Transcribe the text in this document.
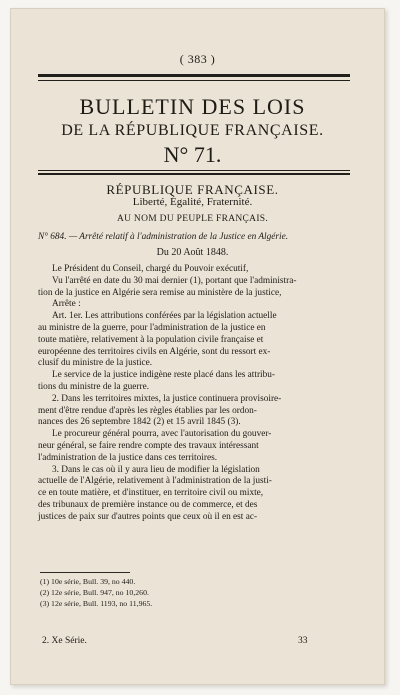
( 383 )
BULLETIN DES LOIS
DE LA RÉPUBLIQUE FRANÇAISE.
N° 71.
RÉPUBLIQUE FRANÇAISE.
Liberté, Égalité, Fraternité.
AU NOM DU PEUPLE FRANÇAIS.
N° 684. — Arrêté relatif à l'administration de la Justice en Algérie.
Du 20 Août 1848.
Le Président du Conseil, chargé du Pouvoir exécutif,
Vu l'arrêté en date du 30 mai dernier (1), portant que l'administra-
tion de la justice en Algérie sera remise au ministère de la justice,
Arrête :
Art. 1er. Les attributions conférées par la législation actuelle
au ministre de la guerre, pour l'administration de la justice en
toute matière, relativement à la population civile française et
européenne des territoires civils en Algérie, sont du ressort ex-
clusif du ministre de la justice.
Le service de la justice indigène reste placé dans les attribu-
tions du ministre de la guerre.
2. Dans les territoires mixtes, la justice continuera provisoire-
ment d'être rendue d'après les règles établies par les ordon-
nances des 26 septembre 1842 (2) et 15 avril 1845 (3).
Le procureur général pourra, avec l'autorisation du gouver-
neur général, se faire rendre compte des travaux intéressant
l'administration de la justice dans ces territoires.
3. Dans le cas où il y aura lieu de modifier la législation
actuelle de l'Algérie, relativement à l'administration de la justi-
ce en toute matière, et d'instituer, en territoire civil ou mixte,
des tribunaux de première instance ou de commerce, et des
justices de paix sur d'autres points que ceux où il en est ac-
(1) 10e série, Bull. 39, no 440.
(2) 12e série, Bull. 947, no 10,260.
(3) 12e série, Bull. 1193, no 11,965.
2. Xe Série.	33
